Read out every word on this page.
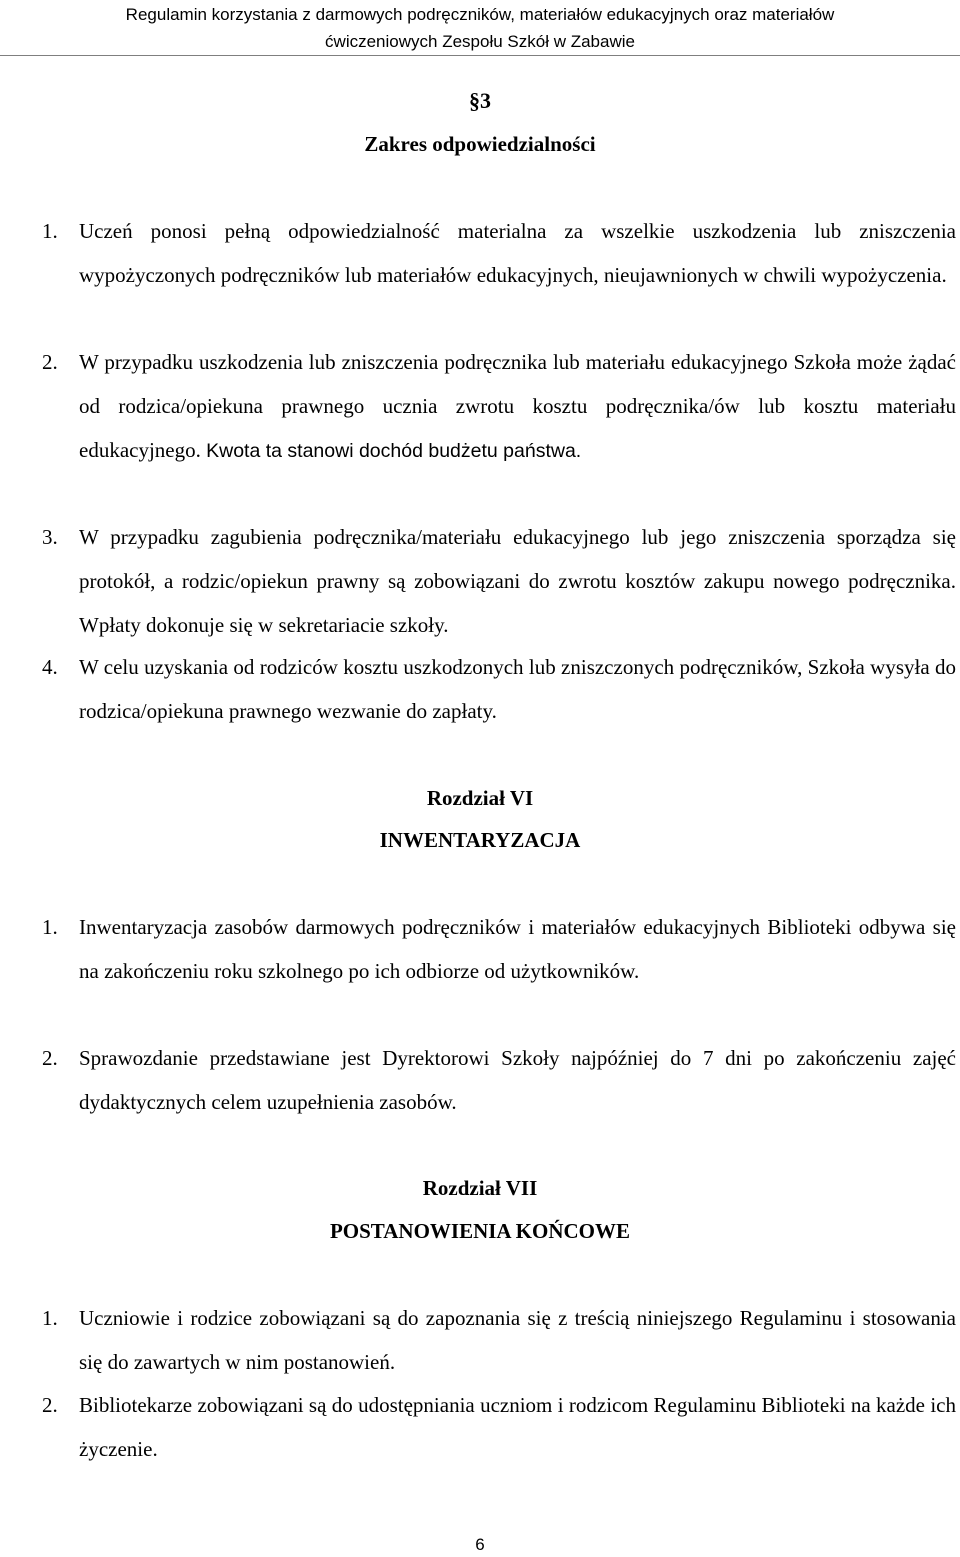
Regulamin korzystania z darmowych podręczników, materiałów edukacyjnych oraz materiałów
ćwiczeniowych Zespołu Szkół w Zabawie
§3
Zakres odpowiedzialności
1. Uczeń ponosi pełną odpowiedzialność materialna za wszelkie uszkodzenia lub zniszczenia wypożyczonych podręczników lub materiałów edukacyjnych, nieujawnionych w chwili wypożyczenia.
2. W przypadku uszkodzenia lub zniszczenia podręcznika lub materiału edukacyjnego Szkoła może żądać od rodzica/opiekuna prawnego ucznia zwrotu kosztu podręcznika/ów lub kosztu materiału edukacyjnego. Kwota ta stanowi dochód budżetu państwa.
3. W przypadku zagubienia podręcznika/materiału edukacyjnego lub jego zniszczenia sporządza się protokół, a rodzic/opiekun prawny są zobowiązani do zwrotu kosztów zakupu nowego podręcznika. Wpłaty dokonuje się w sekretariacie szkoły.
4. W celu uzyskania od rodziców kosztu uszkodzonych lub zniszczonych podręczników, Szkoła wysyła do rodzica/opiekuna prawnego wezwanie do zapłaty.
Rozdział VI
INWENTARYZACJA
1. Inwentaryzacja zasobów darmowych podręczników i materiałów edukacyjnych Biblioteki odbywa się na zakończeniu roku szkolnego po ich odbiorze od użytkowników.
2. Sprawozdanie przedstawiane jest Dyrektorowi Szkoły najpóźniej do 7 dni po zakończeniu zajęć dydaktycznych celem uzupełnienia zasobów.
Rozdział VII
POSTANOWIENIA KOŃCOWE
1. Uczniowie i rodzice zobowiązani są do zapoznania się z treścią niniejszego Regulaminu i stosowania się do zawartych w nim postanowień.
2. Bibliotekarze zobowiązani są do udostępniania uczniom i rodzicom Regulaminu Biblioteki na każde ich życzenie.
6
